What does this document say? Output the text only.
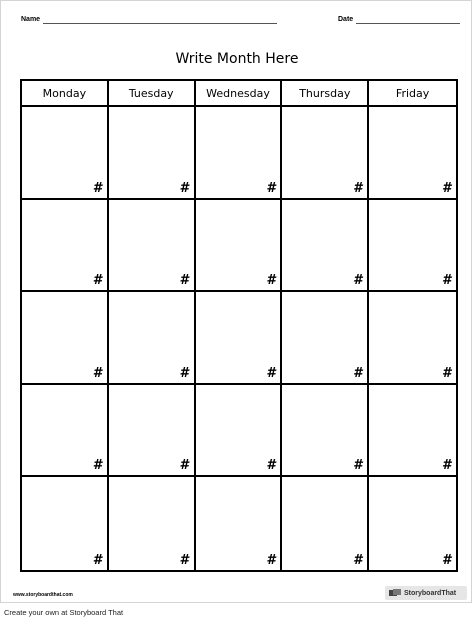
Name	Date
Write Month Here
Monday	Tuesday	Wednesday	Thursday	Friday
#	#	#	#	#
#	#	#	#	#
#	#	#	#	#
#	#	#	#	#
#	#	#	#	#
www.storyboardthat.com	StoryboardThat
Create your own at Storyboard That
